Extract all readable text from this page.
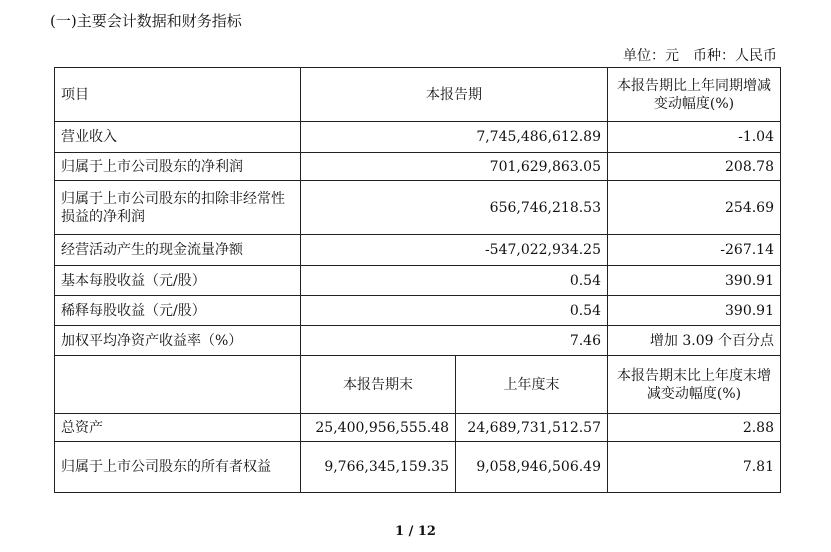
(一)主要会计数据和财务指标
单位：元 币种：人民币
项目	本报告期		本报告期比上年同期增减变动幅度(%)
营业收入	7,745,486,612.89		-1.04
归属于上市公司股东的净利润	701,629,863.05		208.78
归属于上市公司股东的扣除非经常性损益的净利润	656,746,218.53		254.69
经营活动产生的现金流量净额	-547,022,934.25		-267.14
基本每股收益（元/股）	0.54		390.91
稀释每股收益（元/股）	0.54		390.91
加权平均净资产收益率（%）	7.46		增加 3.09 个百分点
	本报告期末	上年度末	本报告期末比上年度末增减变动幅度(%)
总资产	25,400,956,555.48	24,689,731,512.57	2.88
归属于上市公司股东的所有者权益	9,766,345,159.35	9,058,946,506.49	7.81
1 / 12
